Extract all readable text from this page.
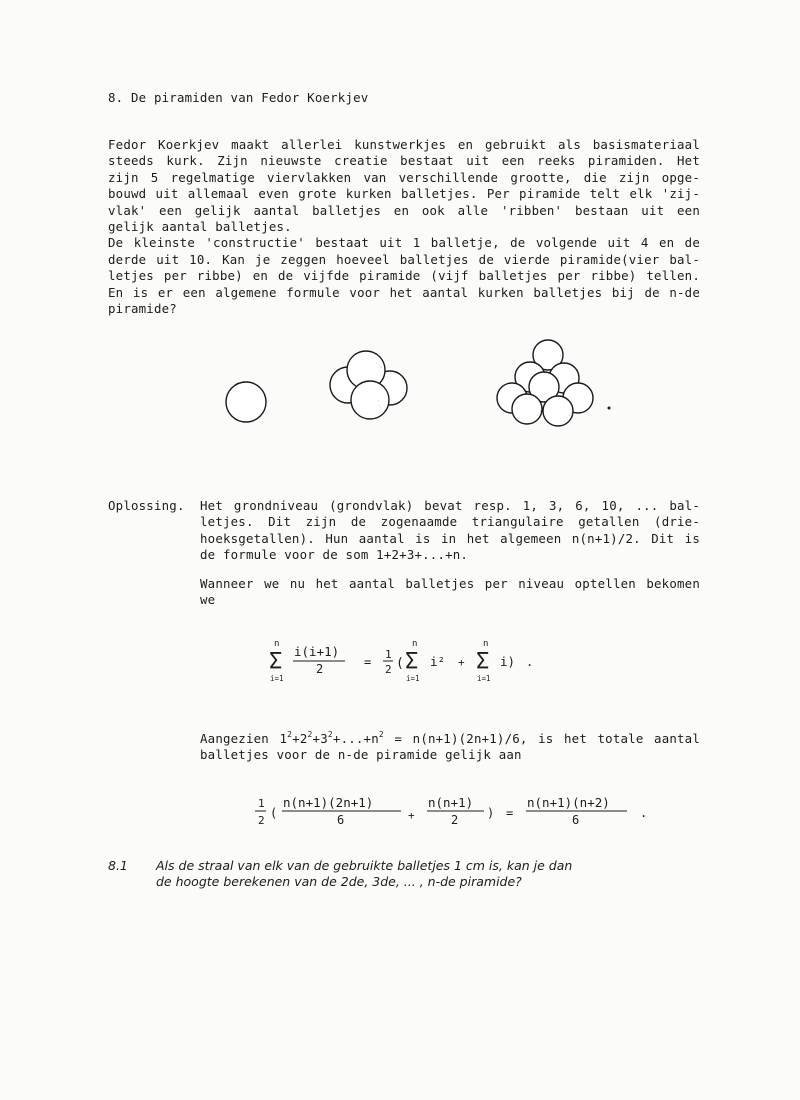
8. De piramiden van Fedor Koerkjev
Fedor Koerkjev maakt allerlei kunstwerkjes en gebruikt als basismateriaal
steeds kurk. Zijn nieuwste creatie bestaat uit een reeks piramiden. Het
zijn 5 regelmatige viervlakken van verschillende grootte, die zijn opge-
bouwd uit allemaal even grote kurken balletjes. Per piramide telt elk 'zij-
vlak' een gelijk aantal balletjes en ook alle 'ribben' bestaan uit een
gelijk aantal balletjes.
De kleinste 'constructie' bestaat uit 1 balletje, de volgende uit 4 en de
derde uit 10. Kan je zeggen hoeveel balletjes de vierde piramide(vier bal-
letjes per ribbe) en de vijfde piramide (vijf balletjes per ribbe) tellen.
En is er een algemene formule voor het aantal kurken balletjes bij de n-de
piramide?
Oplossing. Het grondniveau (grondvlak) bevat resp. 1, 3, 6, 10, ... bal-
letjes. Dit zijn de zogenaamde triangulaire getallen (drie-
hoeksgetallen). Hun aantal is in het algemeen n(n+1)/2. Dit is
de formule voor de som 1+2+3+...+n.
Wanneer we nu het aantal balletjes per niveau optellen bekomen
we
n
Σ
i=1
i(i+1)
2	=
1
2 (
n
Σ
i=1
i² +
n
Σ
i=1
i) .
Aangezien $1^2+2^2+3^2+...+n^2 = n(n+1)(2n+1)/6$, is het totale aantal
balletjes voor de n-de piramide gelijk aan
1
2
(
n(n+1)(2n+1)
6	+
n(n+1)
2 ) =
n(n+1)(n+2)
6	.
8.1 Als de straal van elk van de gebruikte balletjes 1 cm is, kan je dan
de hoogte berekenen van de 2de, 3de, ... , n-de piramide?
